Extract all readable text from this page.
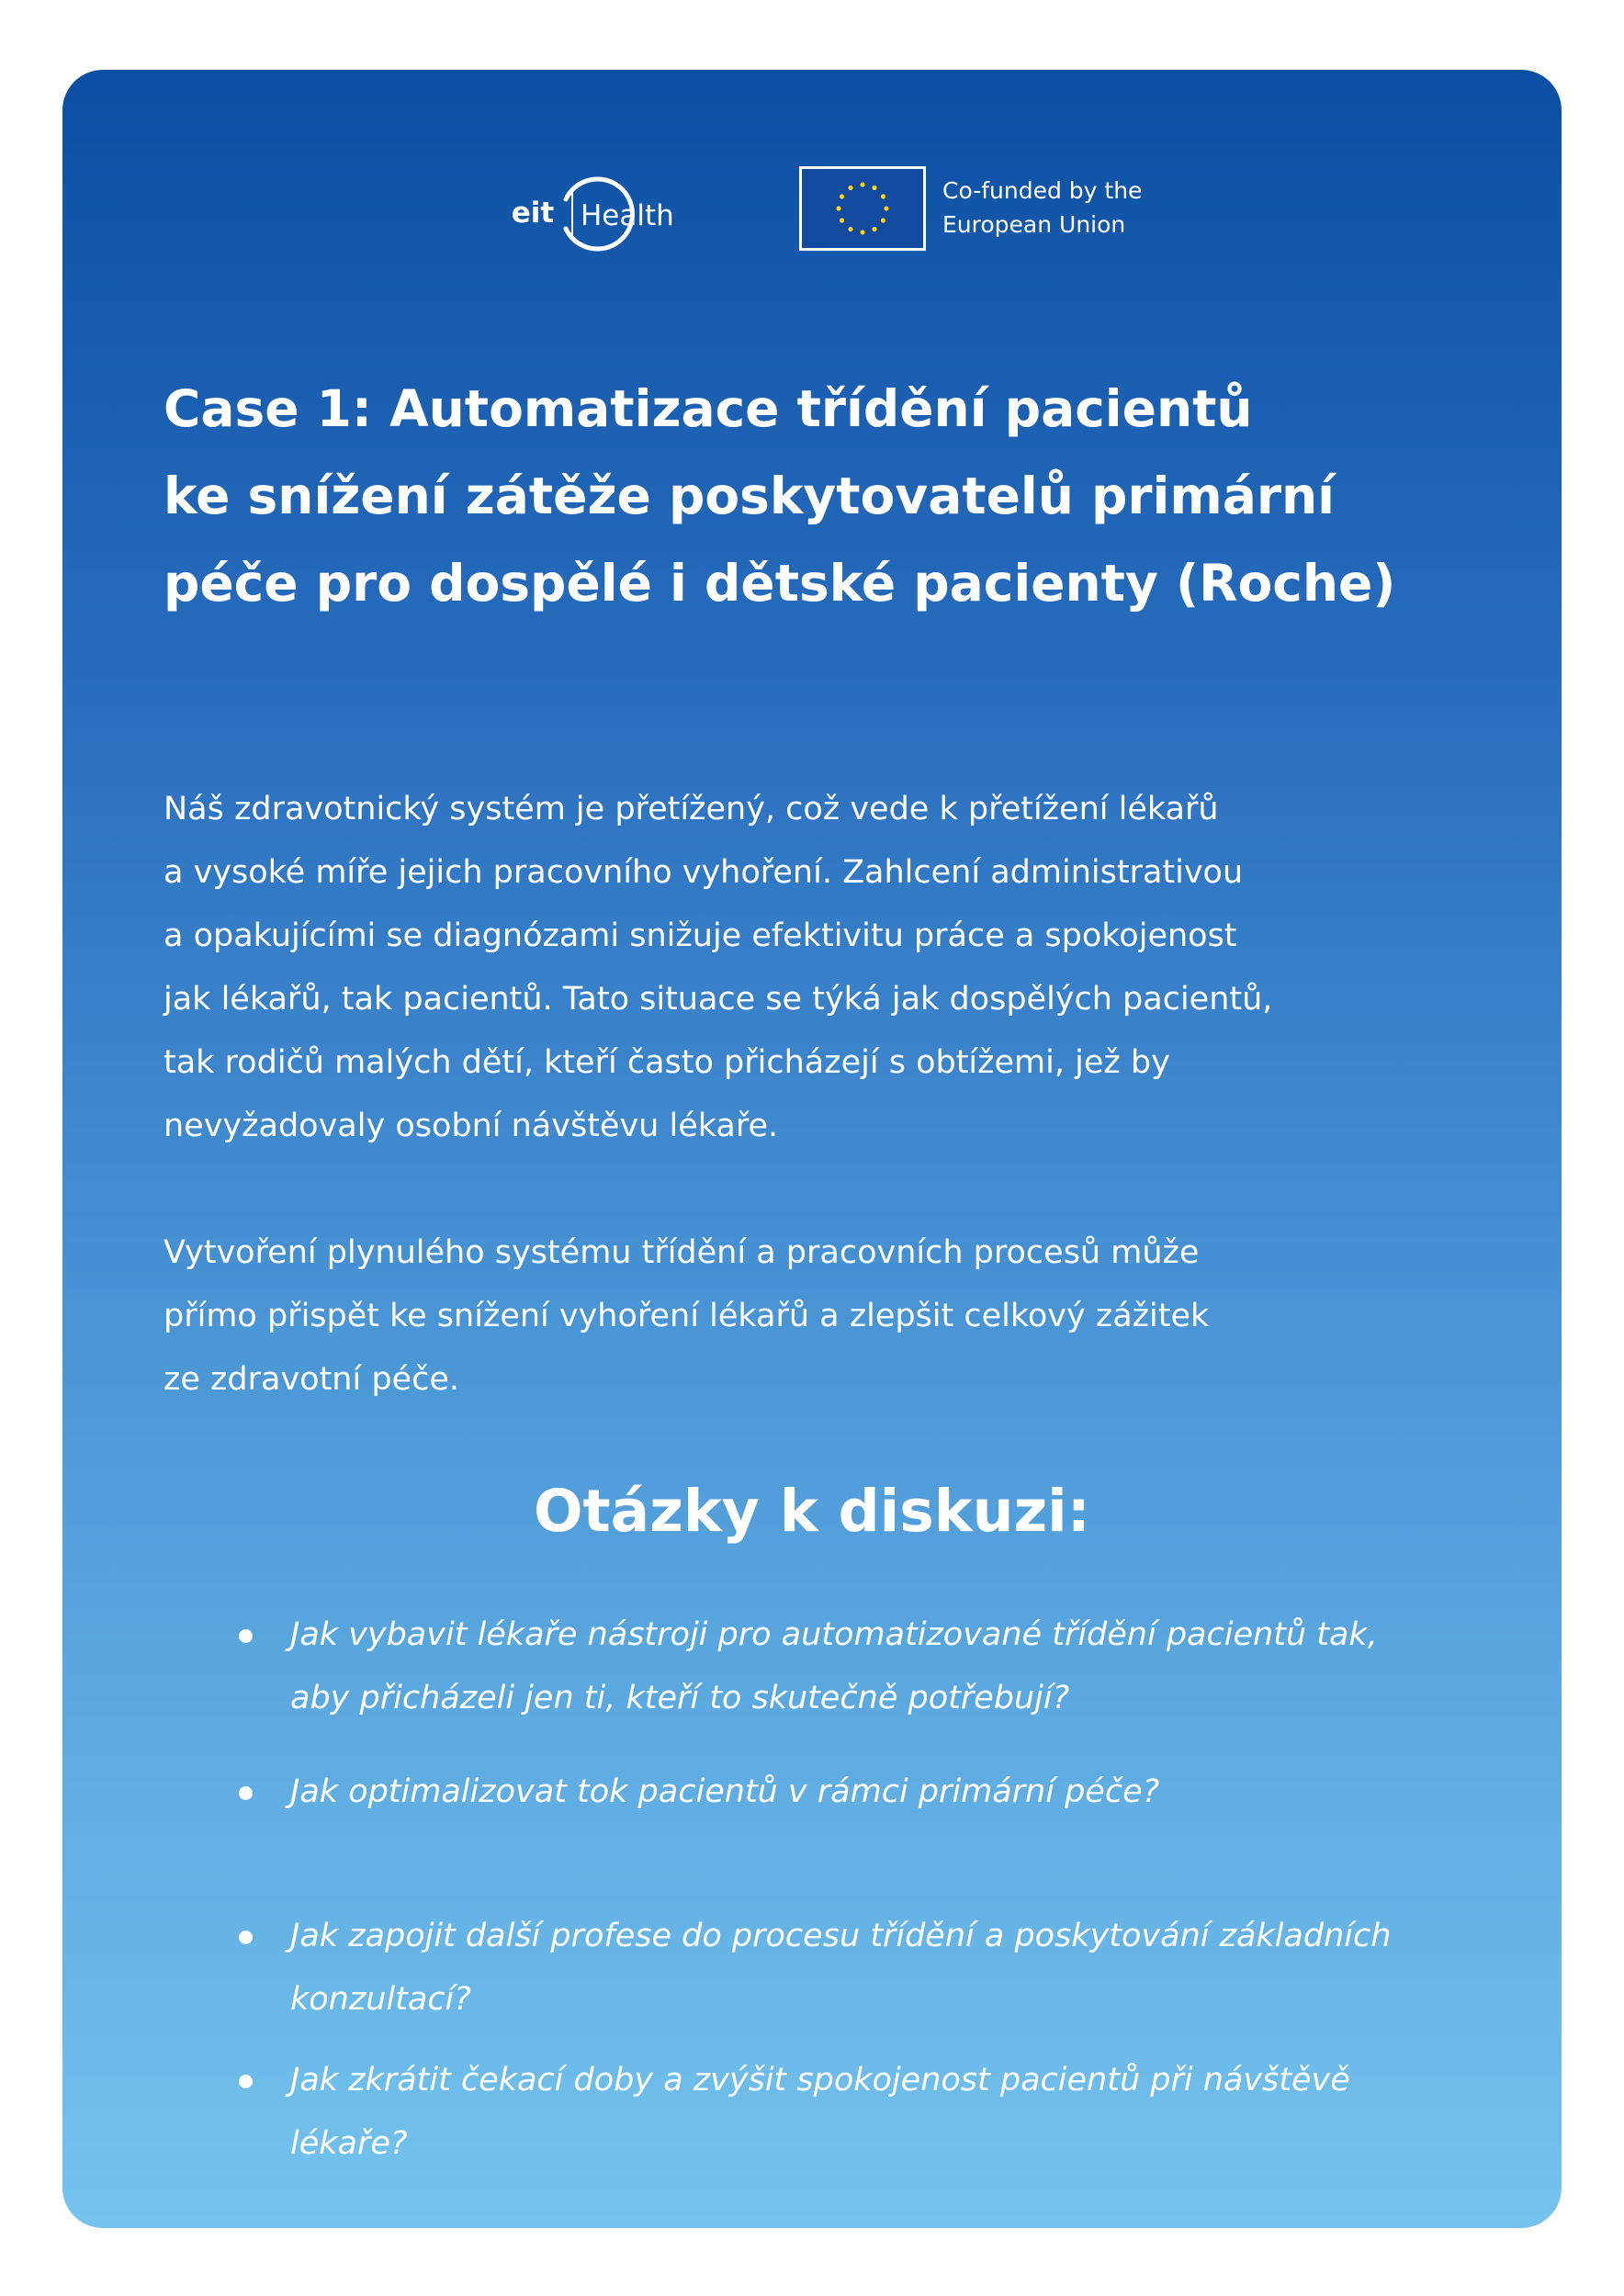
eit Health
Co-funded by the
European Union
Case 1: Automatizace třídění pacientů
ke snížení zátěže poskytovatelů primární
péče pro dospělé i dětské pacienty (Roche)

Náš zdravotnický systém je přetížený, což vede k přetížení lékařů
a vysoké míře jejich pracovního vyhoření. Zahlcení administrativou
a opakujícími se diagnózami snižuje efektivitu práce a spokojenost
jak lékařů, tak pacientů. Tato situace se týká jak dospělých pacientů,
tak rodičů malých dětí, kteří často přicházejí s obtížemi, jež by
nevyžadovaly osobní návštěvu lékaře.

Vytvoření plynulého systému třídění a pracovních procesů může
přímo přispět ke snížení vyhoření lékařů a zlepšit celkový zážitek
ze zdravotní péče.

Otázky k diskuzi:
Jak vybavit lékaře nástroji pro automatizované třídění pacientů tak,
aby přicházeli jen ti, kteří to skutečně potřebují?
Jak optimalizovat tok pacientů v rámci primární péče?
Jak zapojit další profese do procesu třídění a poskytování základních
konzultací?
Jak zkrátit čekací doby a zvýšit spokojenost pacientů při návštěvě
lékaře?
